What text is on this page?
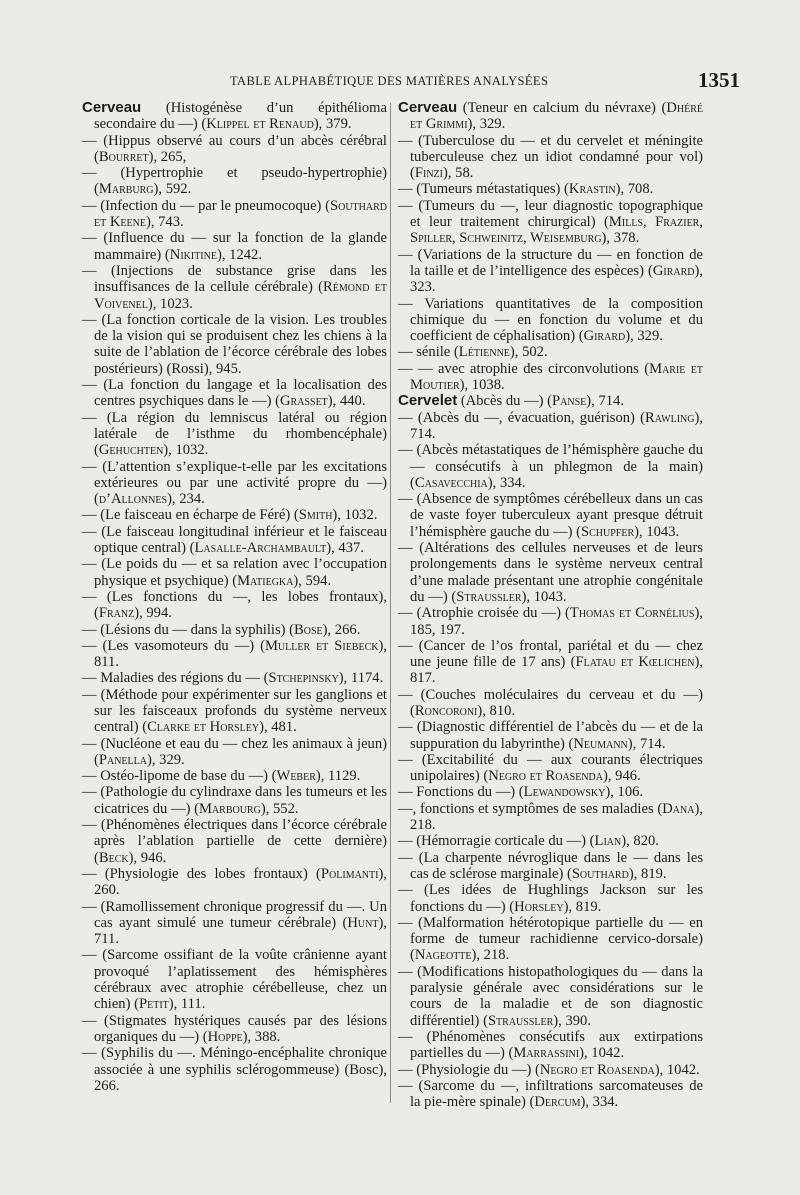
TABLE ALPHABÉTIQUE DES MATIÈRES ANALYSÉES	1351

Cerveau (Histogénèse d’un épithélioma secondaire du —) (Klippel et Renaud), 379.

— (Hippus observé au cours d’un abcès cérébral (Bourret), 265,

— (Hypertrophie et pseudo-hypertrophie) (Marburg), 592.

— (Infection du — par le pneumocoque) (Southard et Keene), 743.

— (Influence du — sur la fonction de la glande mammaire) (Nikitine), 1242.

— (Injections de substance grise dans les insuffisances de la cellule cérébrale) (Rémond et Voivenel), 1023.

— (La fonction corticale de la vision. Les troubles de la vision qui se produisent chez les chiens à la suite de l’ablation de l’écorce cérébrale des lobes postérieurs) (Rossi), 945.

— (La fonction du langage et la localisation des centres psychiques dans le —) (Grasset), 440.

— (La région du lemniscus latéral ou région latérale de l’isthme du rhombencéphale) (Gehuchten), 1032.

— (L’attention s’explique-t-elle par les excitations extérieures ou par une activité propre du —) (d’Allonnes), 234.

— (Le faisceau en écharpe de Féré) (Smith), 1032.

— (Le faisceau longitudinal inférieur et le faisceau optique central) (Lasalle-Archambault), 437.

— (Le poids du — et sa relation avec l’occupation physique et psychique) (Matiegka), 594.

— (Les fonctions du —, les lobes frontaux), (Franz), 994.

— (Lésions du — dans la syphilis) (Bose), 266.

— (Les vasomoteurs du —) (Muller et Siebeck), 811.

— Maladies des régions du — (Stchepinsky), 1174.

— (Méthode pour expérimenter sur les ganglions et sur les faisceaux profonds du système nerveux central) (Clarke et Horsley), 481.

— (Nucléone et eau du — chez les animaux à jeun) (Panella), 329.

— Ostéo-lipome de base du —) (Weber), 1129.

— (Pathologie du cylindraxe dans les tumeurs et les cicatrices du —) (Marbourg), 552.

— (Phénomènes électriques dans l’écorce cérébrale après l’ablation partielle de cette dernière) (Beck), 946.

— (Physiologie des lobes frontaux) (Polimanti), 260.

— (Ramollissement chronique progressif du —. Un cas ayant simulé une tumeur cérébrale) (Hunt), 711.

— (Sarcome ossifiant de la voûte crânienne ayant provoqué l’aplatissement des hémisphères cérébraux avec atrophie cérébelleuse, chez un chien) (Petit), 111.

— (Stigmates hystériques causés par des lésions organiques du —) (Hoppe), 388.

— (Syphilis du —. Méningo-encéphalite chronique associée à une syphilis sclérogommeuse) (Bosc), 266.

Cerveau (Teneur en calcium du névraxe) (Dhéré et Grimmi), 329.

— (Tuberculose du — et du cervelet et méningite tuberculeuse chez un idiot condamné pour vol) (Finzi), 58.

— (Tumeurs métastatiques) (Krastin), 708.

— (Tumeurs du —, leur diagnostic topographique et leur traitement chirurgical) (Mills, Frazier, Spiller, Schweinitz, Weisemburg), 378.

— (Variations de la structure du — en fonction de la taille et de l’intelligence des espèces) (Girard), 323.

— Variations quantitatives de la composition chimique du — en fonction du volume et du coefficient de céphalisation) (Girard), 329.

— sénile (Létienne), 502.

— — avec atrophie des circonvolutions (Marie et Moutier), 1038.

Cervelet (Abcès du —) (Panse), 714.

— (Abcès du —, évacuation, guérison) (Rawling), 714.

— (Abcès métastatiques de l’hémisphère gauche du — consécutifs à un phlegmon de la main) (Casavecchia), 334.

— (Absence de symptômes cérébelleux dans un cas de vaste foyer tuberculeux ayant presque détruit l’hémisphère gauche du —) (Schupfer), 1043.

— (Altérations des cellules nerveuses et de leurs prolongements dans le système nerveux central d’une malade présentant une atrophie congénitale du —) (Straussler), 1043.

— (Atrophie croisée du —) (Thomas et Cornélius), 185, 197.

— (Cancer de l’os frontal, pariétal et du — chez une jeune fille de 17 ans) (Flatau et Kœlichen), 817.

— (Couches moléculaires du cerveau et du —) (Roncoroni), 810.

— (Diagnostic différentiel de l’abcès du — et de la suppuration du labyrinthe) (Neumann), 714.

— (Excitabilité du — aux courants électriques unipolaires) (Negro et Roasenda), 946.

— Fonctions du —) (Lewandowsky), 106.

—, fonctions et symptômes de ses maladies (Dana), 218.

— (Hémorragie corticale du —) (Lian), 820.

— (La charpente névroglique dans le — dans les cas de sclérose marginale) (Southard), 819.

— (Les idées de Hughlings Jackson sur les fonctions du —) (Horsley), 819.

— (Malformation hétérotopique partielle du — en forme de tumeur rachidienne cervico-dorsale) (Nageotte), 218.

— (Modifications histopathologiques du — dans la paralysie générale avec considérations sur le cours de la maladie et de son diagnostic différentiel) (Straussler), 390.

— (Phénomènes consécutifs aux extirpations partielles du —) (Marrassini), 1042.

— (Physiologie du —) (Negro et Roasenda), 1042.

— (Sarcome du —, infiltrations sarcomateuses de la pie-mère spinale) (Dercum), 334.
